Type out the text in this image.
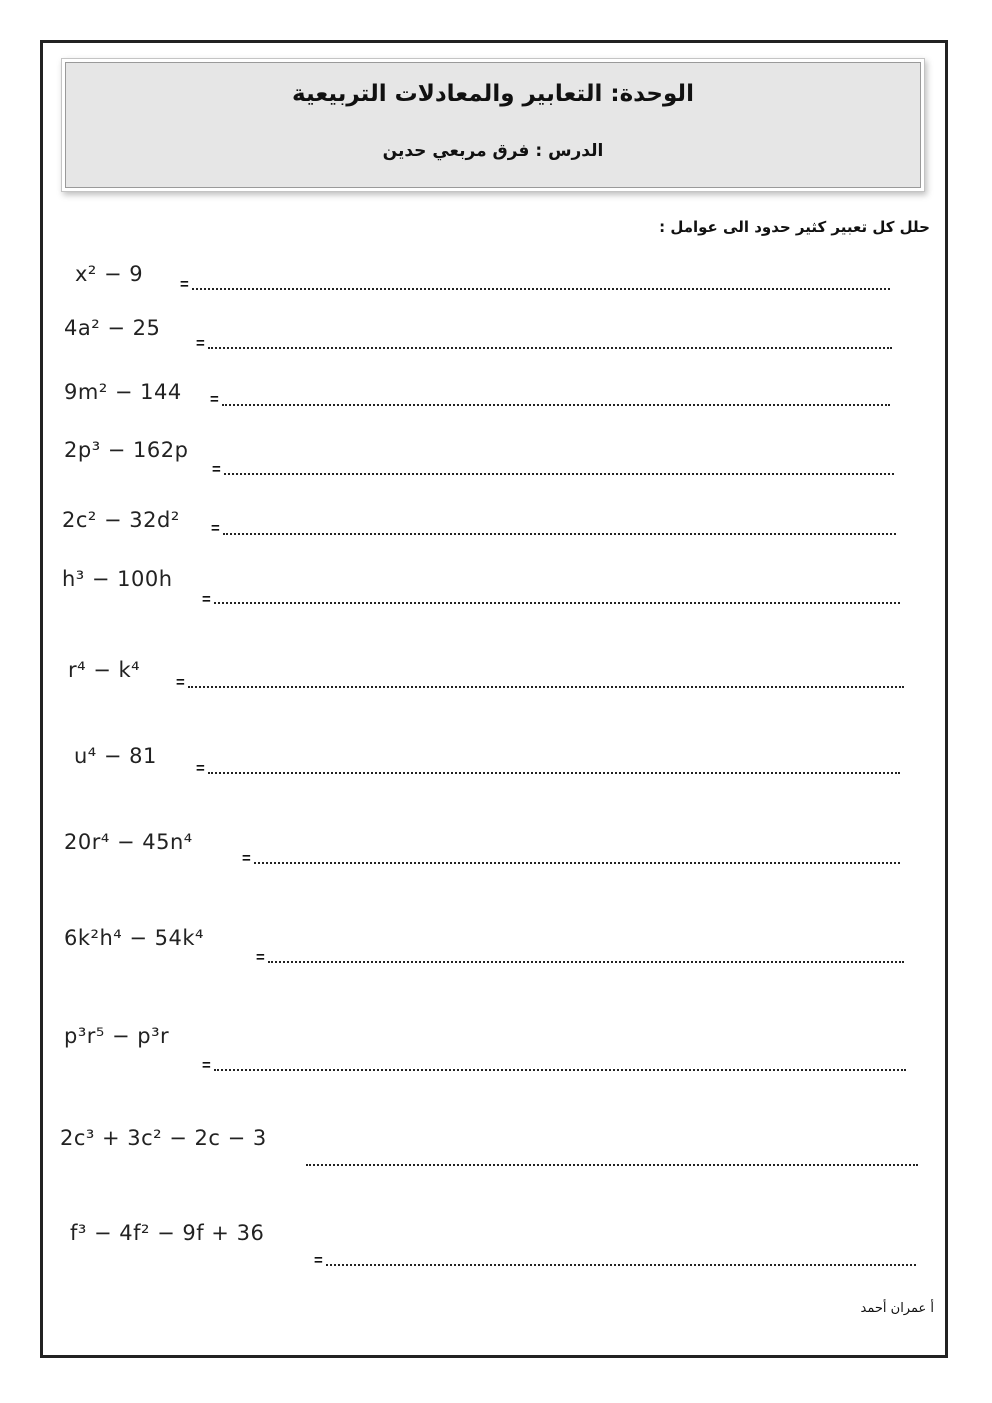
الوحدة: التعابير والمعادلات التربيعية
الدرس : فرق مربعي حدين
حلل كل تعبير كثير حدود الى عوامل :
x² − 9 =
4a² − 25
=
9m² − 144 =
2p³ − 162p
=
2c² − 32d² =
h³ − 100h
=
r⁴ − k⁴
=
u⁴ − 81
=
20r⁴ − 45n⁴
=
6k²h⁴ − 54k⁴
=
p³r⁵ − p³r
=
2c³ + 3c² − 2c − 3
f³ − 4f² − 9f + 36
=
أ عمران أحمد
